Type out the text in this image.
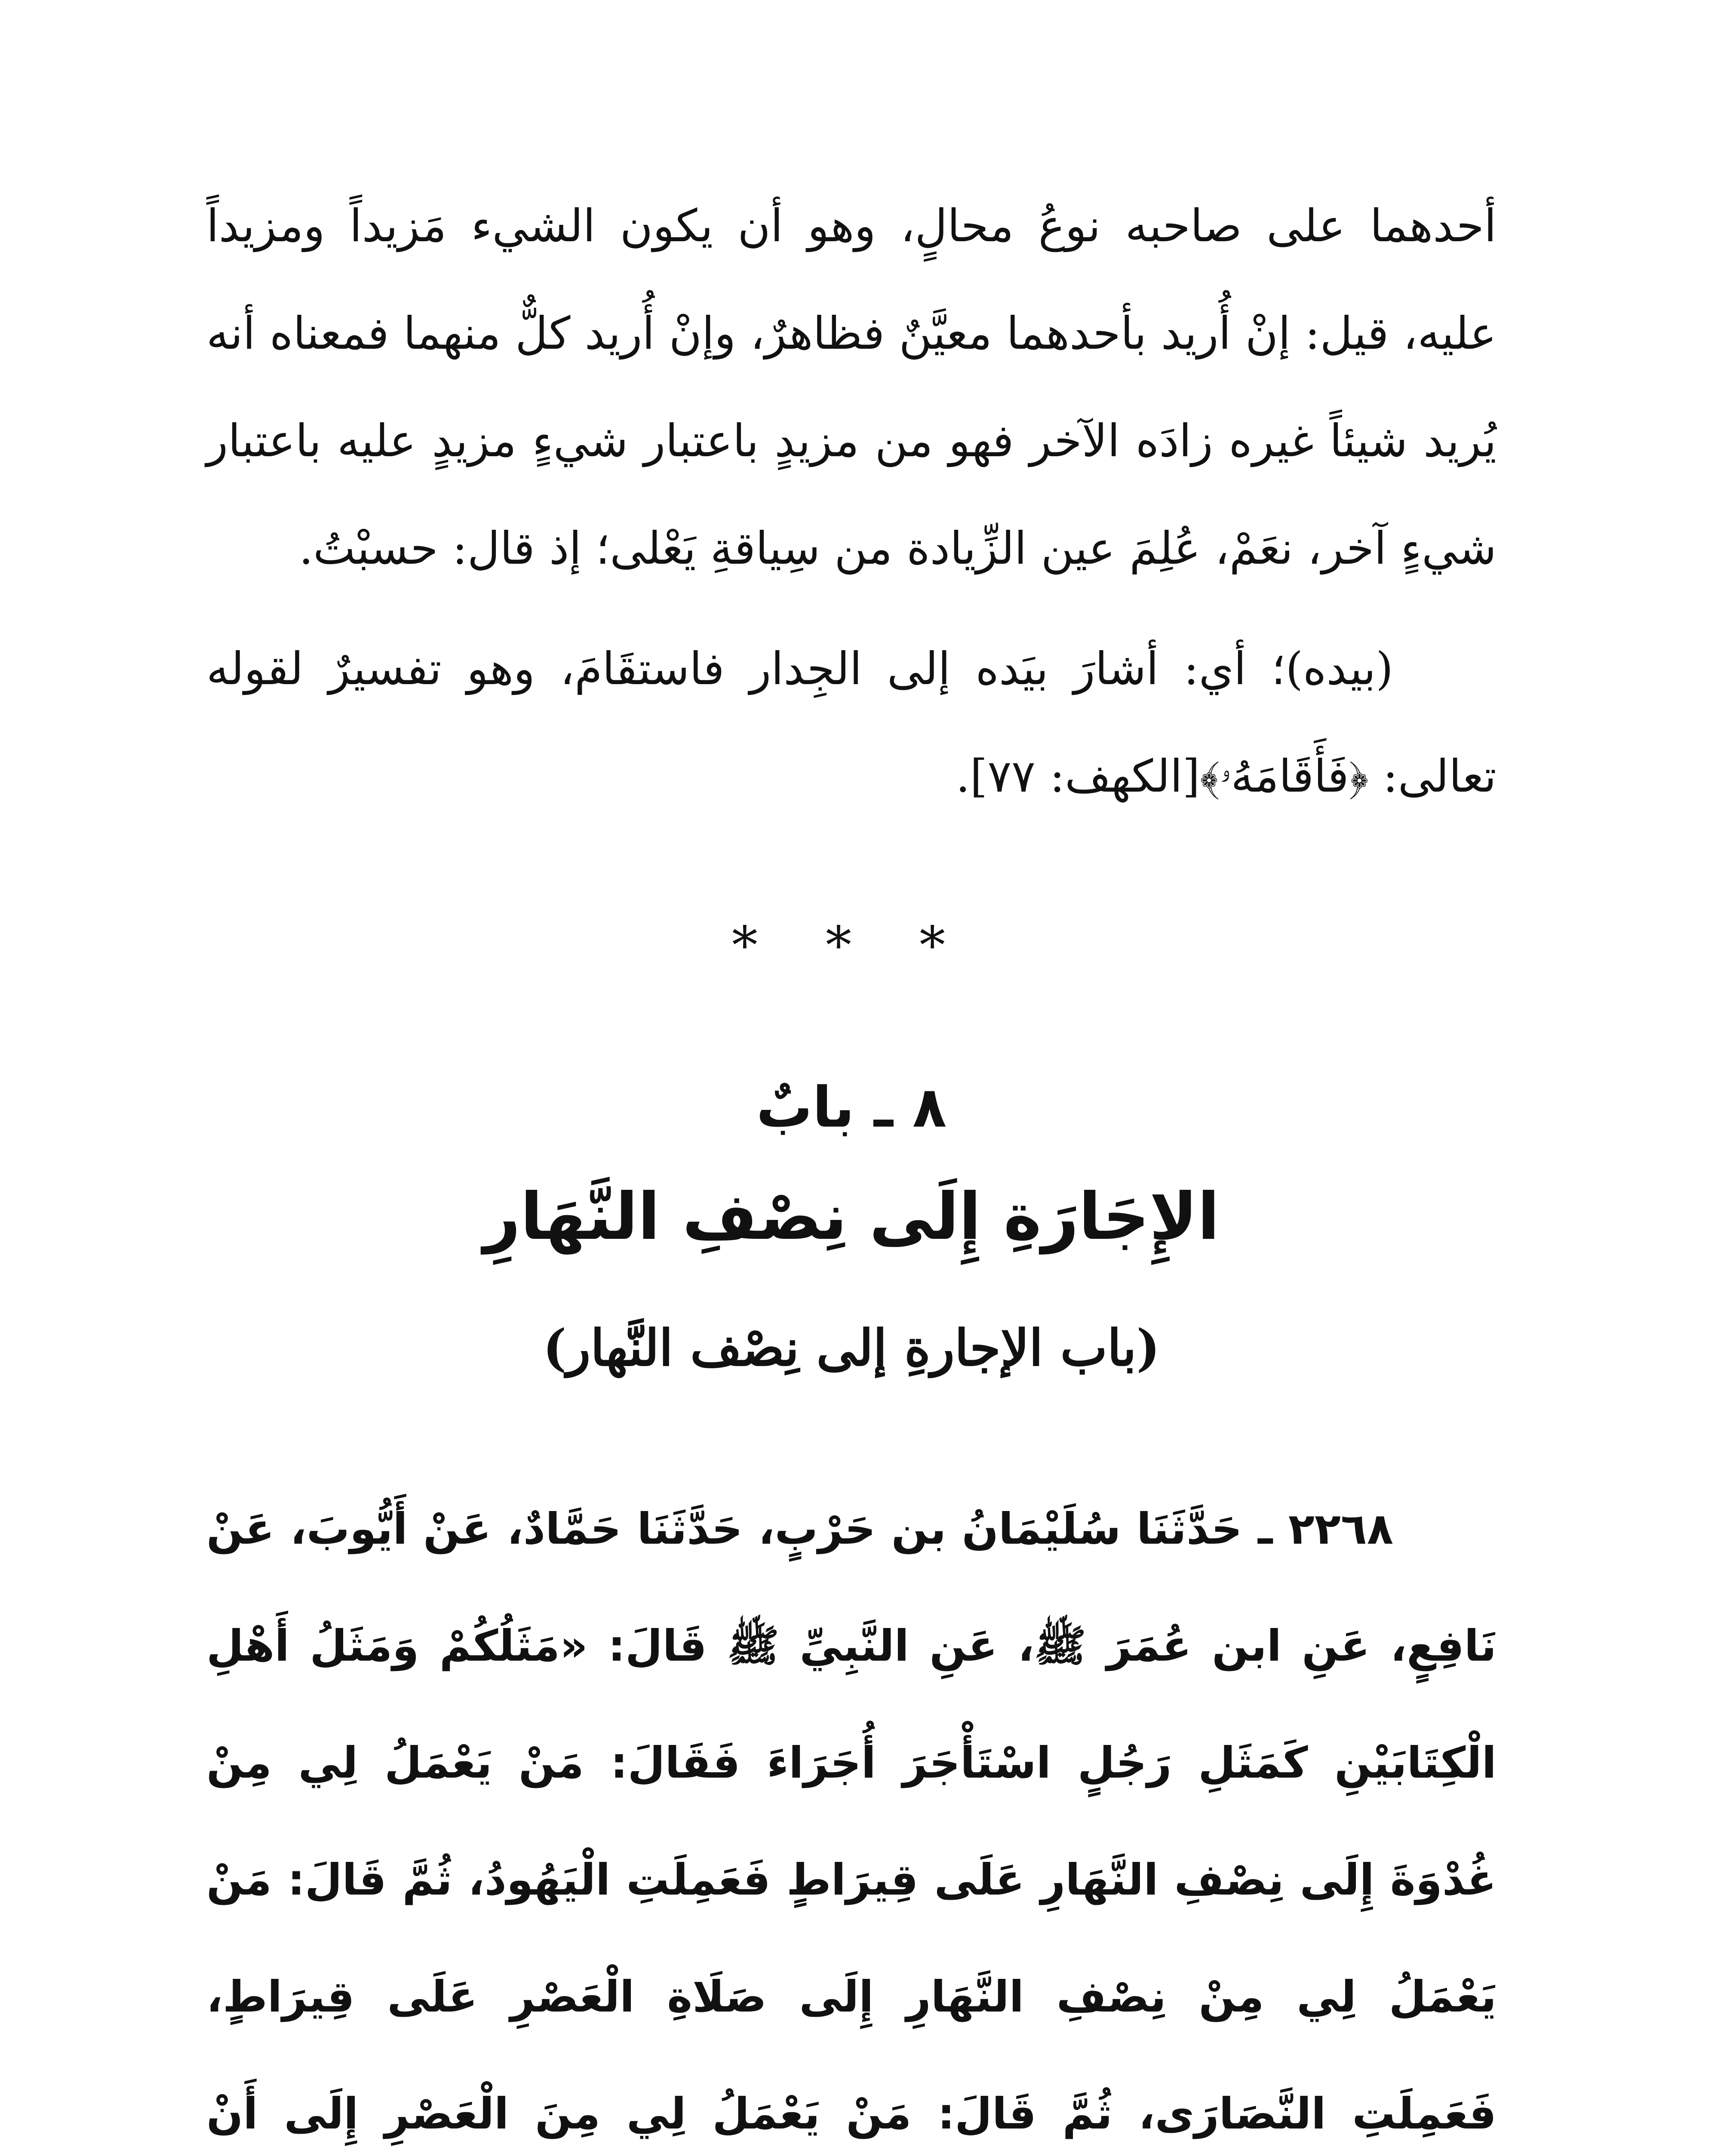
أحدهما على صاحبه نوعُ محالٍ، وهو أن يكون الشيء مَزيداً ومزيداً عليه، قيل: إنْ أُريد بأحدهما معيَّنٌ فظاهرٌ، وإنْ أُريد كلٌّ منهما فمعناه أنه يُريد شيئاً غيره زادَه الآخر فهو من مزيدٍ باعتبار شيءٍ مزيدٍ عليه باعتبار شيءٍ آخر، نعَمْ، عُلِمَ عين الزِّيادة من سِياقةِ يَعْلى؛ إذ قال: حسبْتُ.

(بيده)؛ أي: أشارَ بيَده إلى الجِدار فاستقَامَ، وهو تفسيرٌ لقوله تعالى: ﴿فَأَقَامَهُۥ﴾[الكهف: ٧٧].

* * *
٨ ـ بابٌ
الإِجَارَةِ إِلَى نِصْفِ النَّهَارِ
(باب الإجارةِ إلى نِصْف النَّهار)
٢٢٦٨ ـ حَدَّثَنَا سُلَيْمَانُ بن حَرْبٍ، حَدَّثَنَا حَمَّادٌ، عَنْ أَيُّوبَ، عَنْ نَافِعٍ، عَنِ ابن عُمَرَ ﷺ، عَنِ النَّبِيِّ ﷺ قَالَ: «مَثَلُكُمْ وَمَثَلُ أَهْلِ الْكِتَابَيْنِ كَمَثَلِ رَجُلٍ اسْتَأْجَرَ أُجَرَاءَ فَقَالَ: مَنْ يَعْمَلُ لِي مِنْ غُدْوَةَ إِلَى نِصْفِ النَّهَارِ عَلَى قِيرَاطٍ فَعَمِلَتِ الْيَهُودُ، ثُمَّ قَالَ: مَنْ يَعْمَلُ لِي مِنْ نِصْفِ النَّهَارِ إِلَى صَلَاةِ الْعَصْرِ عَلَى قِيرَاطٍ، فَعَمِلَتِ النَّصَارَى، ثُمَّ قَالَ: مَنْ يَعْمَلُ لِي مِنَ الْعَصْرِ إِلَى أَنْ
